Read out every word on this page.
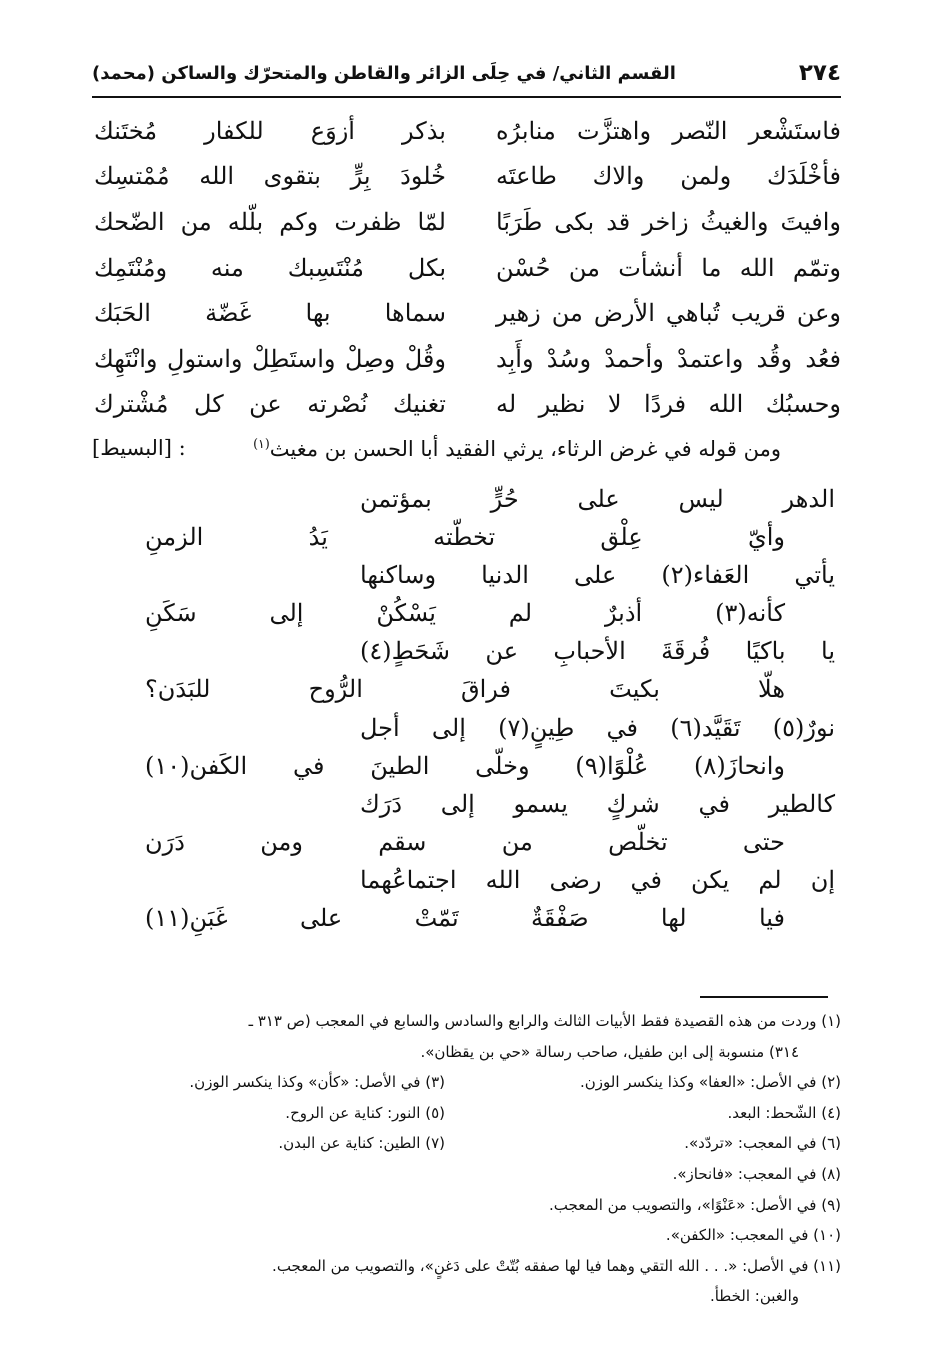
٢٧٤
القسم الثاني/ في حِلَى الزائر والقاطن والمتحرّك والساكن (محمد)
فاستَشْعر النّصر واهتزَّت منابرُه
بذكر أزوَع للكفار مُختَنك
فأخْلَدَك ولمن والاك طاعتَه
خُلودَ بِرٍّ بتقوى الله مُمْتسِك
وافيتَ والغيثُ زاخر قد بكى طَرَبًا
لمّا ظفرت وكم بلّله من الضّحك
وتمّم الله ما أنشأت من حُسْن
بكل مُنْتَسِبك منه ومُنْتَمِك
وعن قريب تُباهي الأرض من زهير
سماها بها غَضّة الحَبَك
فعُد وقُد واعتمدْ وأحمدْ وسُدْ وأَبِد
وقُلْ وصِلْ واستَطِلْ واستولِ وانْتَهِك
وحسبُك الله فردًا لا نظير له
تغنيك نُصْرته عن كل مُشْترك
ومن قوله في غرض الرثاء، يرثي الفقيد أبا الحسن بن مغيث$^{(١)}$
: [البسيط]
الدهر ليس على حُرٍّ بمؤتمن
وأيّ عِلْق تخطّته يَدُ الزمنِ
يأتي العَفاء(٢) على الدنيا وساكنها
كأنه(٣) أذبرٌ لم يَسْكُنْ إلى سَكَنِ
يا باكيًا فُرقَةَ الأحبابِ عن شَحَطٍ(٤)
هلّا بكيتَ فراقَ الرُّوح للبَدَن؟
نورٌ(٥) تَقَيَّد(٦) في طِينٍ(٧) إلى أجل
وانحازَ(٨) عُلْوًا(٩) وخلّى الطينَ في الكَفن(١٠)
كالطير في شركٍ يسمو إلى دَرَك
حتى تخلّص من سقم ومن دَرَن
إن لم يكن في رضى الله اجتماعُهما
فيا لها صَفْقَةٌ تَمّتْ على غَبَنِ(١١)
(١) وردت من هذه القصيدة فقط الأبيات الثالث والرابع والسادس والسابع في المعجب (ص ٣١٣ ـ
٣١٤) منسوبة إلى ابن طفيل، صاحب رسالة «حي بن يقظان».
(٢) في الأصل: «العفا» وكذا ينكسر الوزن.
(٣) في الأصل: «كأن» وكذا ينكسر الوزن.
(٤) الشّحط: البعد.
(٥) النور: كناية عن الروح.
(٦) في المعجب: «تردّد».
(٧) الطين: كناية عن البدن.
(٨) في المعجب: «فانحاز».
(٩) في الأصل: «عَنْوًا»، والتصويب من المعجب.
(١٠) في المعجب: «الكفن».
(١١) في الأصل: «. . . الله التقي وهما فيا لها صفقه بُتّتْ على دَغنٍ»، والتصويب من المعجب.
والغبن: الخطأ.
